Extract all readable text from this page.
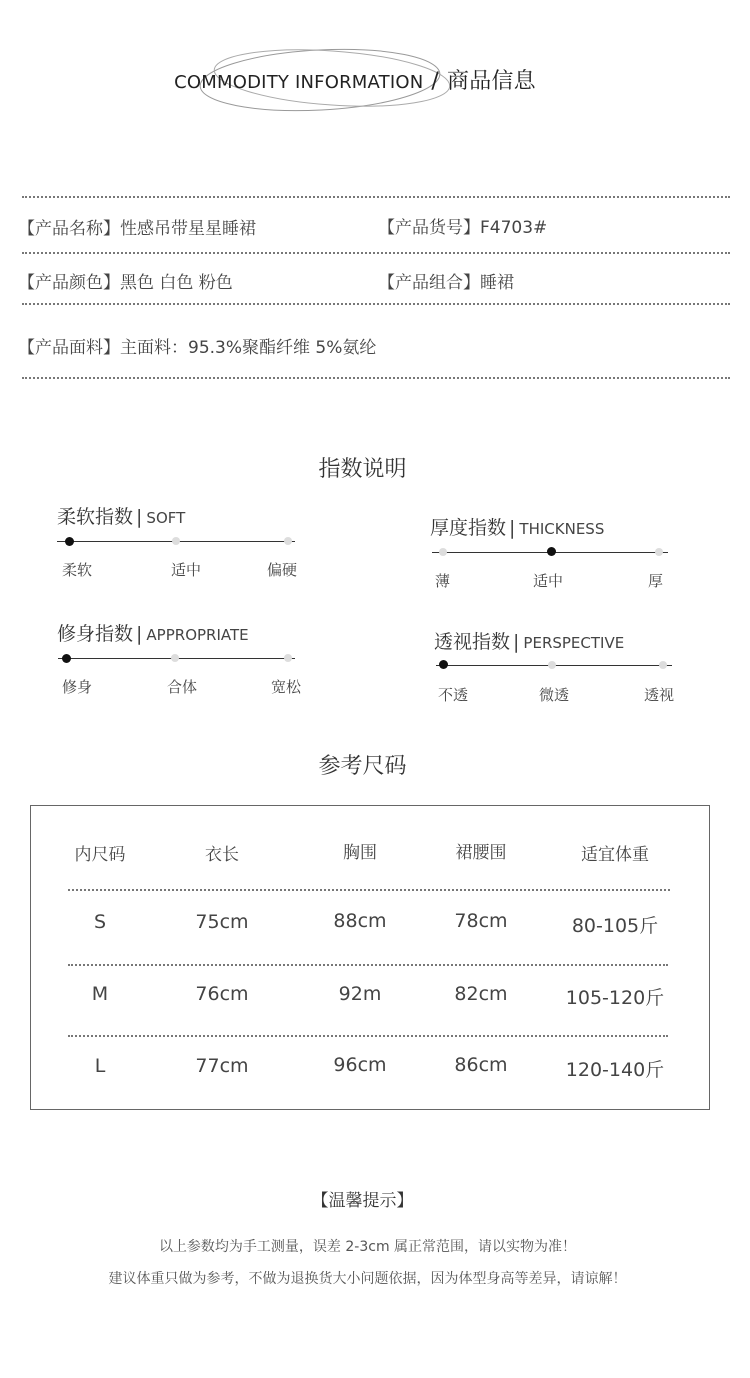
COMMODITY INFORMATION / 商品信息
【产品名称】性感吊带星星睡裙	【产品货号】F4703#
【产品颜色】黑色 白色 粉色	【产品组合】睡裙
【产品面料】主面料：95.3%聚酯纤维 5%氨纶
指数说明
柔软指数 | SOFT
柔软	适中	偏硬
厚度指数 | THICKNESS
薄	适中	厚
修身指数 | APPROPRIATE
修身	合体	宽松
透视指数 | PERSPECTIVE
不透	微透	透视
参考尺码
内尺码	衣长	胸围	裙腰围	适宜体重
S	75cm	88cm	78cm	80-105斤
M	76cm	92m	82cm	105-120斤
L	77cm	96cm	86cm	120-140斤
【温馨提示】
以上参数均为手工测量，误差 2-3cm 属正常范围，请以实物为准！
建议体重只做为参考，不做为退换货大小问题依据，因为体型身高等差异，请谅解！
